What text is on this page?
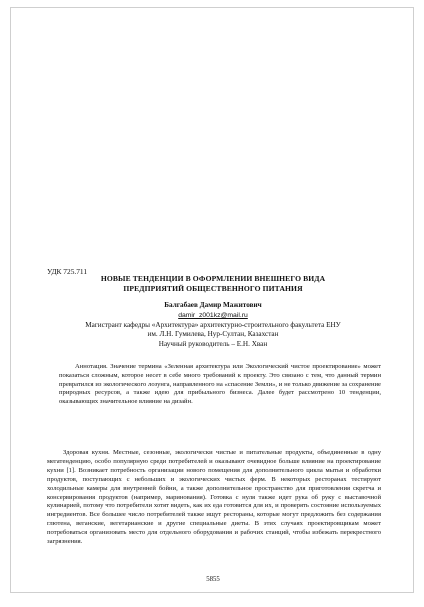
УДК 725.711
НОВЫЕ ТЕНДЕНЦИИ В ОФОРМЛЕНИИ ВНЕШНЕГО ВИДА
ПРЕДПРИЯТИЙ ОБЩЕСТВЕННОГО ПИТАНИЯ
Балгабаев Дамир Мажитович
damir_z001kz@mail.ru
Магистрант кафедры «Архитектура» архитектурно-строительного факультета ЕНУ
им. Л.Н. Гумилева, Нур-Султан, Казахстан
Научный руководитель – Е.Н. Хван

Аннотация. Значение термина «Зеленная архитектура или Экологический чистое проектирование» может показаться сложным, которое несет в себе много требований к проекту. Это связано с тем, что данный термин превратился из экологического лозунга, направленного на «спасение Земли», и не только движение за сохранение природных ресурсов, а также идею для прибыльного бизнеса. Далее будет рассмотрено 10 тенденции, оказывающих значительное влияние на дизайн.

Здоровая кухня. Местные, сезонные, экологически чистые и питательные продукты, объединенные в одну мегатенденцию, особо популярную среди потребителей и оказывают очевидное больше влияние на проектирование кухни [1]. Возникает потребность организации нового помещения для дополнительного цикла мытья и обработки продуктов, поступающих с небольших и экологических чистых ферм. В некоторых ресторанах тестируют холодильные камеры для внутренней бойни, а также дополнительное пространство для приготовления скретча и консервирования продуктов (например, маринования). Готовка с нуля также идет рука об руку с выставочной кулинарией, потому что потребители хотят видеть, как их еда готовится для их, и проверять состояние используемых ингредиентов. Все большее число потребителей также ищут рестораны, которые могут предложить без содержания глютена, веганские, вегетарианские и другие специальные диеты. В этих случаях проектировщикам может потребоваться организовать место для отдельного оборудования и рабочих станций, чтобы избежать перекрестного загрязнения.

5855
